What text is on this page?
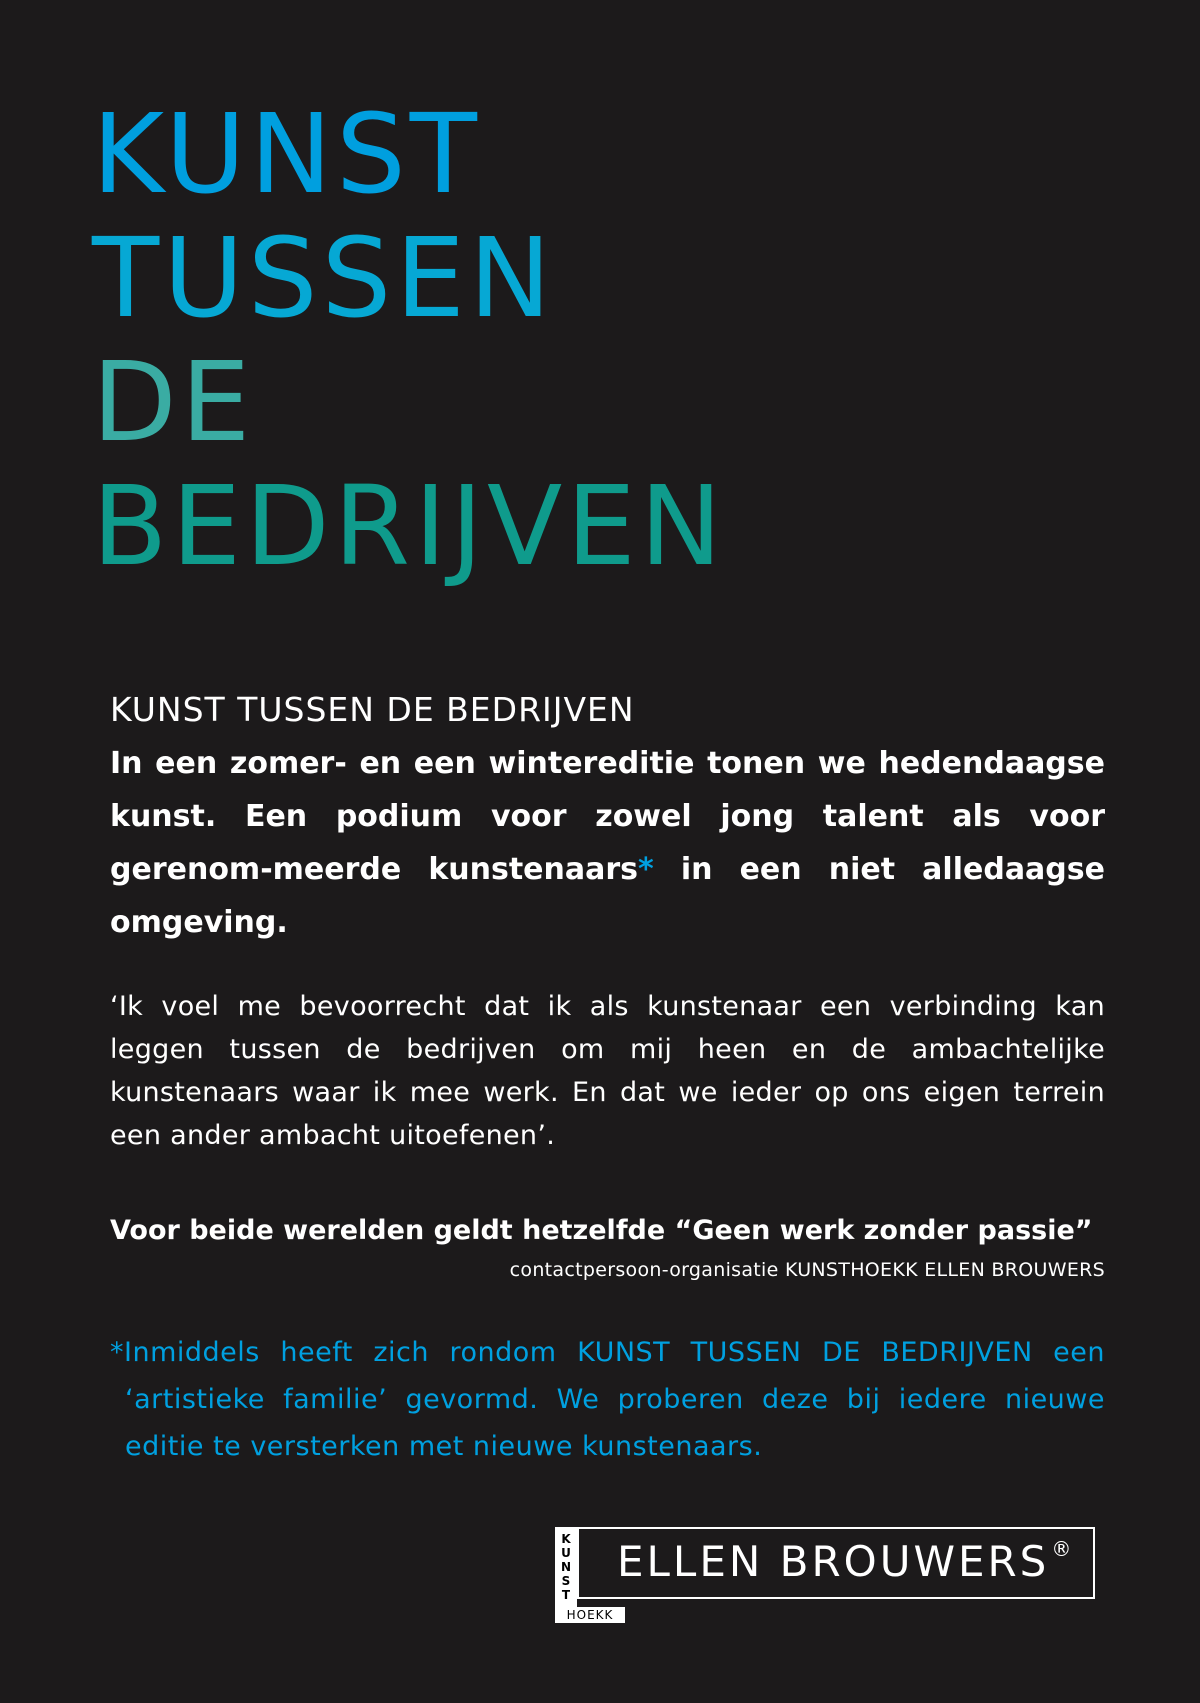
KUNST
TUSSEN
DE
BEDRIJVEN
KUNST TUSSEN DE BEDRIJVEN

In een zomer- en een wintereditie tonen we hedendaagse kunst. Een podium voor zowel jong talent als voor gerenom-meerde kunstenaars* in een niet alledaagse omgeving.

‘Ik voel me bevoorrecht dat ik als kunstenaar een verbinding kan leggen tussen de bedrijven om mij heen en de ambachtelijke kunstenaars waar ik mee werk. En dat we ieder op ons eigen terrein een ander ambacht uitoefenen’.

Voor beide werelden geldt hetzelfde “Geen werk zonder passie”

contactpersoon-organisatie KUNSTHOEKK ELLEN BROUWERS

*Inmiddels heeft zich rondom KUNST TUSSEN DE BEDRIJVEN een ‘artistieke familie’ gevormd. We proberen deze bij iedere nieuwe editie te versterken met nieuwe kunstenaars.

ELLEN BROUWERS ®
K
U
N
S
T
HOEKK
